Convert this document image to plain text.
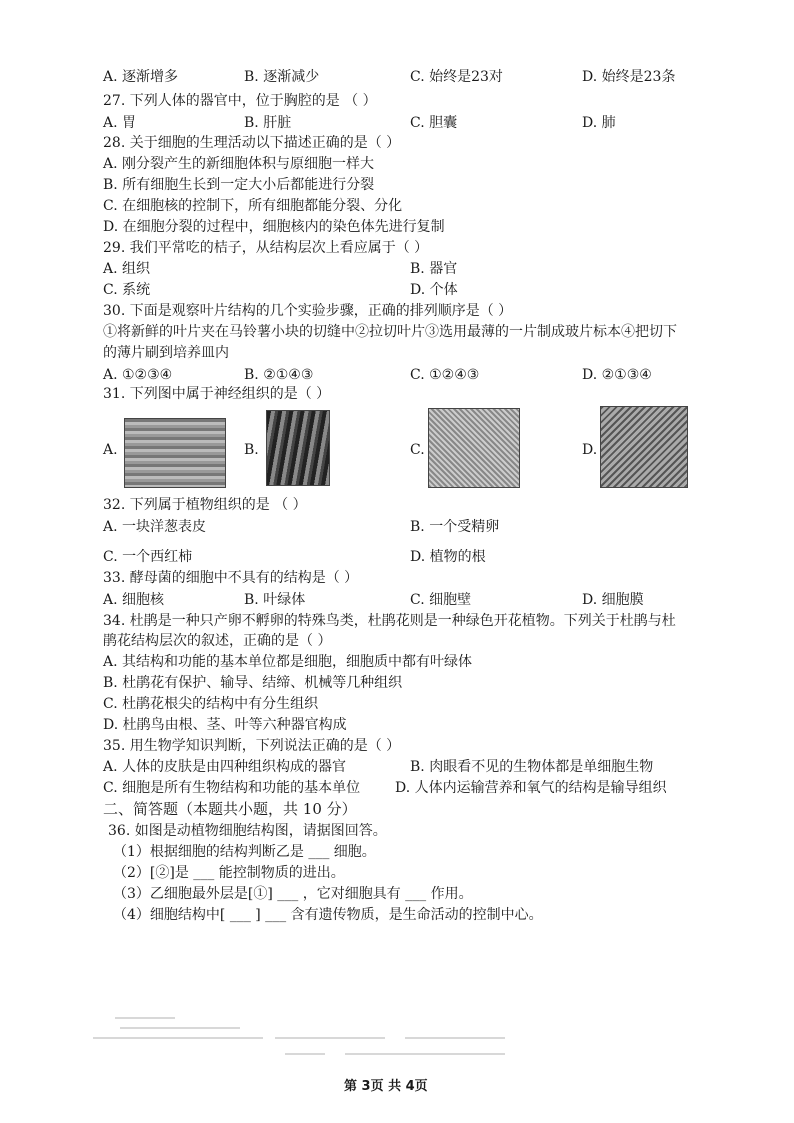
A. 逐渐增多	B. 逐渐减少	C. 始终是23对	D. 始终是23条
27. 下列人体的器官中，位于胸腔的是 （ ）
A. 胃	B. 肝脏	C. 胆囊	D. 肺
28. 关于细胞的生理活动以下描述正确的是（ ）
A. 刚分裂产生的新细胞体积与原细胞一样大
B. 所有细胞生长到一定大小后都能进行分裂
C. 在细胞核的控制下，所有细胞都能分裂、分化
D. 在细胞分裂的过程中，细胞核内的染色体先进行复制
29. 我们平常吃的桔子，从结构层次上看应属于（ ）
A. 组织	B. 器官
C. 系统	D. 个体
30. 下面是观察叶片结构的几个实验步骤，正确的排列顺序是（ ）
①将新鲜的叶片夹在马铃薯小块的切缝中②拉切叶片③选用最薄的一片制成玻片标本④把切下
的薄片刷到培养皿内
A. ①②③④	B. ②①④③	C. ①②④③	D. ②①③④
31. 下列图中属于神经组织的是（ ）
A.	B.	C.	D.
32. 下列属于植物组织的是 （ ）
A. 一块洋葱表皮	B. 一个受精卵
C. 一个西红柿	D. 植物的根
33. 酵母菌的细胞中不具有的结构是（ ）
A. 细胞核	B. 叶绿体	C. 细胞壁	D. 细胞膜
34. 杜鹃是一种只产卵不孵卵的特殊鸟类，杜鹃花则是一种绿色开花植物。下列关于杜鹃与杜
鹃花结构层次的叙述，正确的是（ ）
A. 其结构和功能的基本单位都是细胞，细胞质中都有叶绿体
B. 杜鹃花有保护、输导、结缔、机械等几种组织
C. 杜鹃花根尖的结构中有分生组织
D. 杜鹃鸟由根、茎、叶等六种器官构成
35. 用生物学知识判断，下列说法正确的是（ ）
A. 人体的皮肤是由四种组织构成的器官	B. 肉眼看不见的生物体都是单细胞生物
C. 细胞是所有生物结构和功能的基本单位 D. 人体内运输营养和氧气的结构是输导组织
二、简答题（本题共小题，共 10 分）
36. 如图是动植物细胞结构图，请据图回答。
（1）根据细胞的结构判断乙是 ___ 细胞。
（2）[②]是 ___ 能控制物质的进出。
（3）乙细胞最外层是[①] ___ ，它对细胞具有 ___ 作用。
（4）细胞结构中[ ___ ] ___ 含有遗传物质，是生命活动的控制中心。
第 3页 共 4页
